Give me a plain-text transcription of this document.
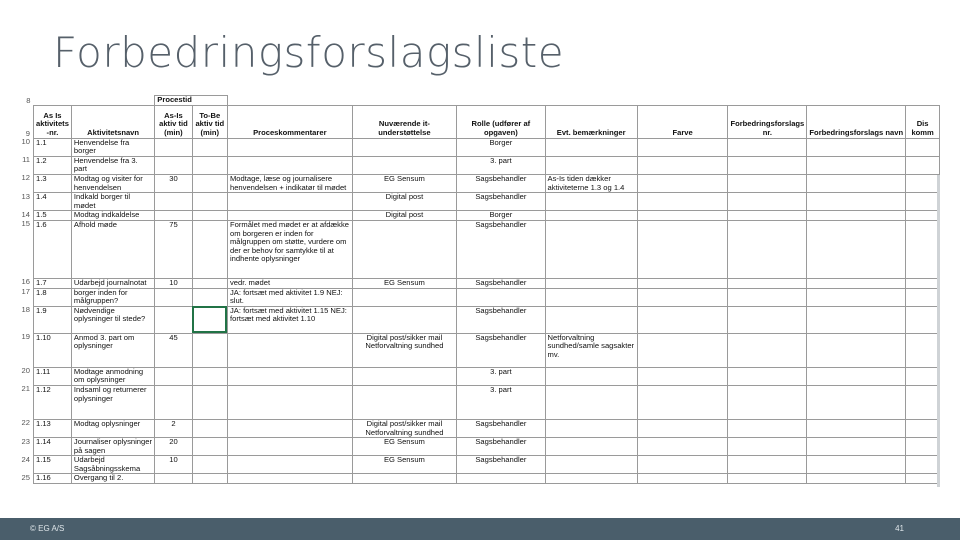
Forbedringsforslagsliste
8			Procestid									
9	As Is aktivitets -nr.	Aktivitetsnavn	As-Is aktiv tid (min)	To-Be aktiv tid (min)	Proceskommentarer	Nuværende it-understøttelse	Rolle (udfører af opgaven)	Evt. bemærkninger	Farve	Forbedringsforslags nr.	Forbedringsforslags navn	Dis komm
10	1.1	Henvendelse fra borger					Borger					
11	1.2	Henvendelse fra 3. part					3. part					
12	1.3	Modtag og visiter for henvendelsen	30		Modtage, læse og journalisere henvendelsen + indikatør til mødet	EG Sensum	Sagsbehandler	As-Is tiden dækker aktiviteterne 1.3 og 1.4				
13	1.4	Indkald borger til mødet				Digital post	Sagsbehandler					
14	1.5	Modtag indkaldelse				Digital post	Borger					
15	1.6	Afhold møde	75		Formålet med mødet er at afdække om borgeren er inden for målgruppen om støtte, vurdere om der er behov for samtykke til at indhente oplysninger		Sagsbehandler					
16	1.7	Udarbejd journalnotat	10		vedr. mødet	EG Sensum	Sagsbehandler					
17	1.8	borger inden for målgruppen?			JA: fortsæt med aktivitet 1.9 NEJ: slut.							
18	1.9	Nødvendige oplysninger til stede?			JA: fortsæt med aktivitet 1.15 NEJ: fortsæt med aktivitet 1.10		Sagsbehandler					
19	1.10	Anmod 3. part om oplysninger	45			Digital post/sikker mail Netforvaltning sundhed	Sagsbehandler	Netforvaltning sundhed/samle sagsakter mv.				
20	1.11	Modtage anmodning om oplysninger					3. part					
21	1.12	Indsaml og returnerer oplysninger					3. part					
22	1.13	Modtag oplysninger	2			Digital post/sikker mail Netforvaltning sundhed	Sagsbehandler					
23	1.14	Journaliser oplysninger på sagen	20			EG Sensum	Sagsbehandler					
24	1.15	Udarbejd Sagsåbningsskema	10			EG Sensum	Sagsbehandler					
25	1.16	Overgang til 2.										
© EG A/S	41
